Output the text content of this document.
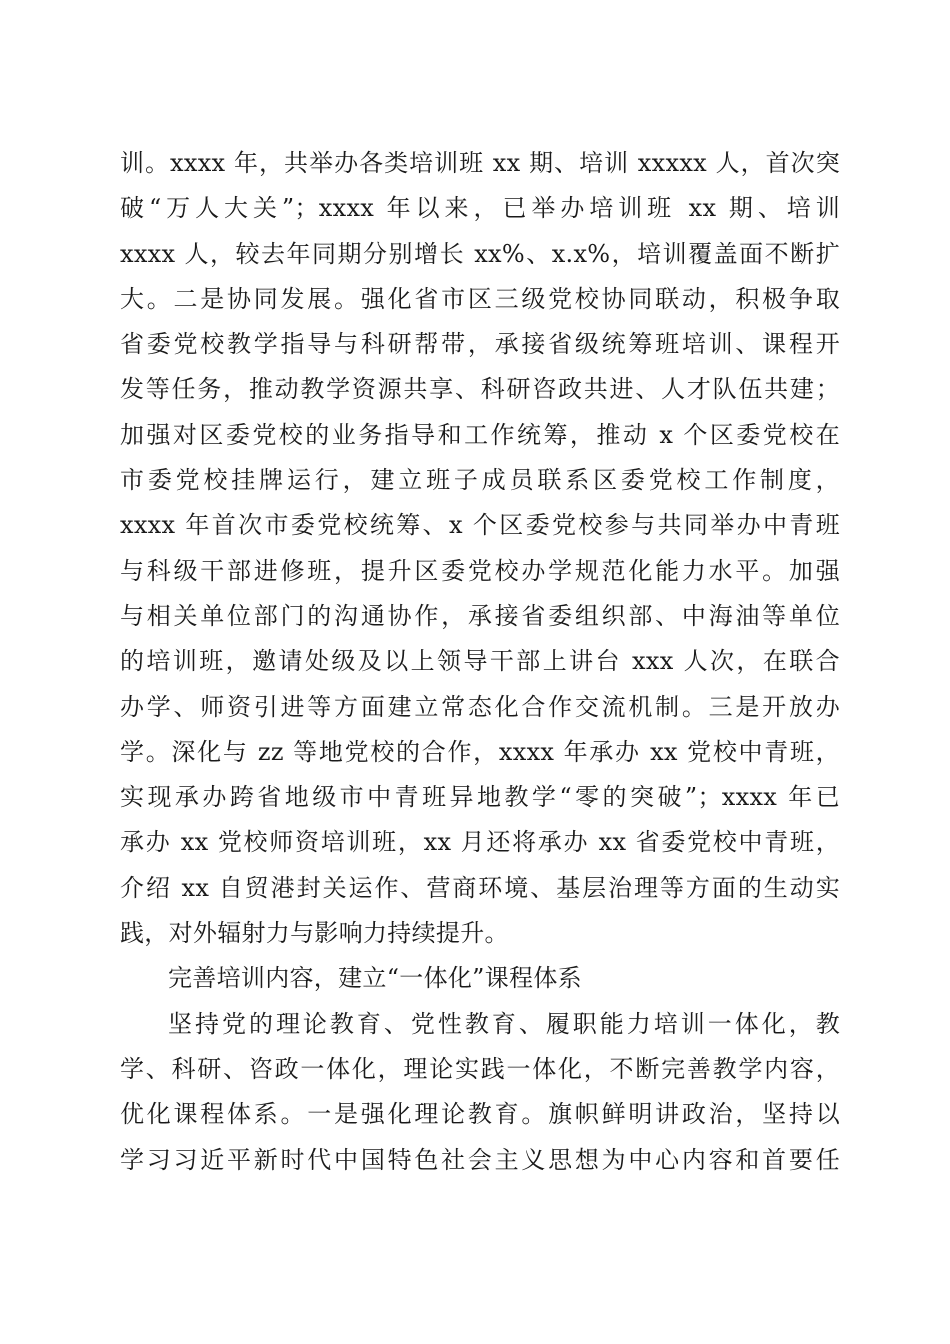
训。xxxx 年，共举办各类培训班 xx 期、培训 xxxxx 人，首次突
破“万人大关”；xxxx 年以来，已举办培训班 xx 期、培训
xxxx 人，较去年同期分别增长 xx%、x.x%，培训覆盖面不断扩
大。二是协同发展。强化省市区三级党校协同联动，积极争取
省委党校教学指导与科研帮带，承接省级统筹班培训、课程开
发等任务，推动教学资源共享、科研咨政共进、人才队伍共建；
加强对区委党校的业务指导和工作统筹，推动 x 个区委党校在
市委党校挂牌运行，建立班子成员联系区委党校工作制度，
xxxx 年首次市委党校统筹、x 个区委党校参与共同举办中青班
与科级干部进修班，提升区委党校办学规范化能力水平。加强
与相关单位部门的沟通协作，承接省委组织部、中海油等单位
的培训班，邀请处级及以上领导干部上讲台 xxx 人次，在联合
办学、师资引进等方面建立常态化合作交流机制。三是开放办
学。深化与 zz 等地党校的合作，xxxx 年承办 xx 党校中青班，
实现承办跨省地级市中青班异地教学“零的突破”；xxxx 年已
承办 xx 党校师资培训班，xx 月还将承办 xx 省委党校中青班，
介绍 xx 自贸港封关运作、营商环境、基层治理等方面的生动实
践，对外辐射力与影响力持续提升。
完善培训内容，建立“一体化”课程体系
坚持党的理论教育、党性教育、履职能力培训一体化，教
学、科研、咨政一体化，理论实践一体化，不断完善教学内容，
优化课程体系。一是强化理论教育。旗帜鲜明讲政治，坚持以
学习习近平新时代中国特色社会主义思想为中心内容和首要任
